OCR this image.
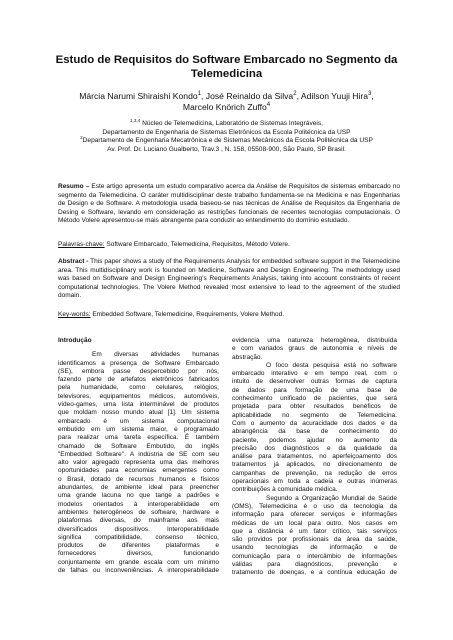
Estudo de Requisitos do Software Embarcado no Segmento da
Telemedicina
Márcia Narumi Shiraishi Kondo$^1$, José Reinaldo da Silva$^2$, Adilson Yuuji Hira$^3$,
Marcelo Knörich Zuffo$^4$
$^{1,3,4}$ Núcleo de Telemedicina, Laboratório de Sistemas Integráveis,
Departamento de Engenharia de Sistemas Eletrônicos da Escola Politécnica da USP
$^2$Departamento de Engenharia Mecatrônica e de Sistemas Mecânicos da Escola Politécnica da USP
Av. Prof. Dr. Luciano Gualberto, Trav.3 , N. 158, 05508-900, São Paulo, SP Brasil.
Resumo – Este artigo apresenta um estudo comparativo acerca da Análise de Requisitos de sistemas embarcado no segmento da Telemedicina. O caráter multidisciplinar deste trabalho fundamenta-se na Medicina e nas Engenharias de Design e de Software. A metodologia usada baseou-se nas técnicas de Análise de Requisitos da Engenharia de Desing e Software, levando em consideração as restrições funcionais de recentes tecnologias computacionais. O Método Volere apresentou-se mais abrangente para conduzir ao entendimento do domínio estudado.
Palavras-chave: Software Embarcado, Telemedicina, Requisitos, Método Volere.
Abstract - This paper shows a study of the Requirements Analysis for embedded software support in the Telemedicine area. This multidisciplinary work is founded on Medicine, Software and Design Engineering. The methodology used was based on Software and Design Engineering’s Requirements Analysis, taking into account constraints of recent computational technologies. The Volere Method revealed most extensive to lead to the agreement of the studied domain.
Key-words: Embedded Software, Telemedicine, Requirements, Volere Method.
Introdução
Em diversas atividades humanas
identificamos a presença de Software Embarcado
(SE), embora passe despercebido por nós,
fazendo parte de artefatos eletrônicos fabricados
pela humanidade, como celulares, relógios,
televisores, equipamentos médicos, automóveis,
vídeo-games, uma lista interminável de produtos
que moldam nosso mundo atual [1]. Um sistema
embarcado é um sistema computacional
embutido em um sistema maior, e programado
para realizar uma tarefa específica. É também
chamado de Software Embutido, do inglês
"Embedded Software". A indústria de SE com seu
alto valor agregado representa uma das melhores
oportunidades para economias emergentes como
o Brasil, dotado de recursos humanos e físicos
abundantes, de ambiente ideal para preencher
uma grande lacuna no que tange a padrões e
modelos orientados à interoperabilidade em
ambientes heterogêneos de software, hardware e
plataformas diversas, do mainframe aos mais
diversificados dispositivos. Interoperabilidade
significa compatibilidade, consenso técnico,
produtos de diferentes plataformas e
fornecedores diversos, funcionando
conjuntamente em grande escala com um mínimo
de falhas ou inconveniências. A interoperabilidade
evidencia uma natureza heterogênea, distribuída
e com variados graus de autonomia e níveis de
abstração.
O foco desta pesquisa está no software
embarcado interativo e em tempo real, com o
intuito de desenvolver outras formas de captura
de dados para formação de uma base de
conhecimento unificado de pacientes, que será
projetada para obter resultados benéficos de
aplicabilidade no segmento de Telemedicina.
Com o aumento da acuracidade dos dados e da
abrangência da base de conhecimento do
paciente, podemos ajudar no aumento da
precisão dos diagnósticos e da qualidade da
análise para tratamentos, no aperfeiçoamento dos
tratamentos já aplicados, no direcionamento de
campanhas de prevenção, na redução de erros
operacionais em toda a cadeia e outras inúmeras
contribuições à comunidade médica.
Segundo a Organização Mundial de Saúde
(OMS), Telemedicina é o uso da tecnologia da
informação para oferecer serviços e informações
médicas de um local para outro. Nos casos em
que a distância é um fator crítico, tais serviços
são providos por profissionais da área da saúde,
usando tecnologias de informação e de
comunicação para o intercâmbio de informações
válidas para diagnósticos, prevenção e
tratamento de doenças, e a contínua educação de
